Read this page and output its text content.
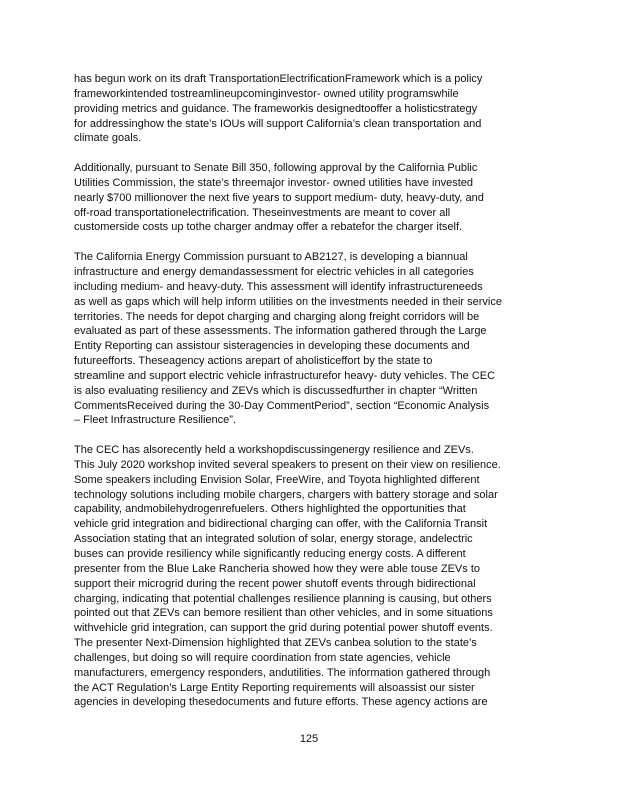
has begun work on its draft TransportationElectrificationFramework which is a policy
frameworkintended tostreamlineupcominginvestor- owned utility programswhile
providing metrics and guidance. The frameworkis designedtooffer a holisticstrategy
for addressinghow the state’s IOUs will support California’s clean transportation and
climate goals.

Additionally, pursuant to Senate Bill 350, following approval by the California Public
Utilities Commission, the state’s threemajor investor- owned utilities have invested
nearly $700 millionover the next five years to support medium- duty, heavy-duty, and
off-road transportationelectrification. Theseinvestments are meant to cover all
customerside costs up tothe charger andmay offer a rebatefor the charger itself.

The California Energy Commission pursuant to AB2127, is developing a biannual
infrastructure and energy demandassessment for electric vehicles in all categories
including medium- and heavy-duty. This assessment will identify infrastructureneeds
as well as gaps which will help inform utilities on the investments needed in their service
territories. The needs for depot charging and charging along freight corridors will be
evaluated as part of these assessments. The information gathered through the Large
Entity Reporting can assistour sisteragencies in developing these documents and
futureefforts. Theseagency actions arepart of aholisticeffort by the state to
streamline and support electric vehicle infrastructurefor heavy- duty vehicles. The CEC
is also evaluating resiliency and ZEVs which is discussedfurther in chapter “Written
CommentsReceived during the 30-Day CommentPeriod”, section “Economic Analysis
– Fleet Infrastructure Resilience”.

The CEC has alsorecently held a workshopdiscussingenergy resilience and ZEVs.
This July 2020 workshop invited several speakers to present on their view on resilience.
Some speakers including Envision Solar, FreeWire, and Toyota highlighted different
technology solutions including mobile chargers, chargers with battery storage and solar
capability, andmobilehydrogenrefuelers. Others highlighted the opportunities that
vehicle grid integration and bidirectional charging can offer, with the California Transit
Association stating that an integrated solution of solar, energy storage, andelectric
buses can provide resiliency while significantly reducing energy costs. A different
presenter from the Blue Lake Rancheria showed how they were able touse ZEVs to
support their microgrid during the recent power shutoff events through bidirectional
charging, indicating that potential challenges resilience planning is causing, but others
pointed out that ZEVs can bemore resilient than other vehicles, and in some situations
withvehicle grid integration, can support the grid during potential power shutoff events.
The presenter Next-Dimension highlighted that ZEVs canbea solution to the state’s
challenges, but doing so will require coordination from state agencies, vehicle
manufacturers, emergency responders, andutilities. The information gathered through
the ACT Regulation’s Large Entity Reporting requirements will alsoassist our sister
agencies in developing thesedocuments and future efforts. These agency actions are

125
